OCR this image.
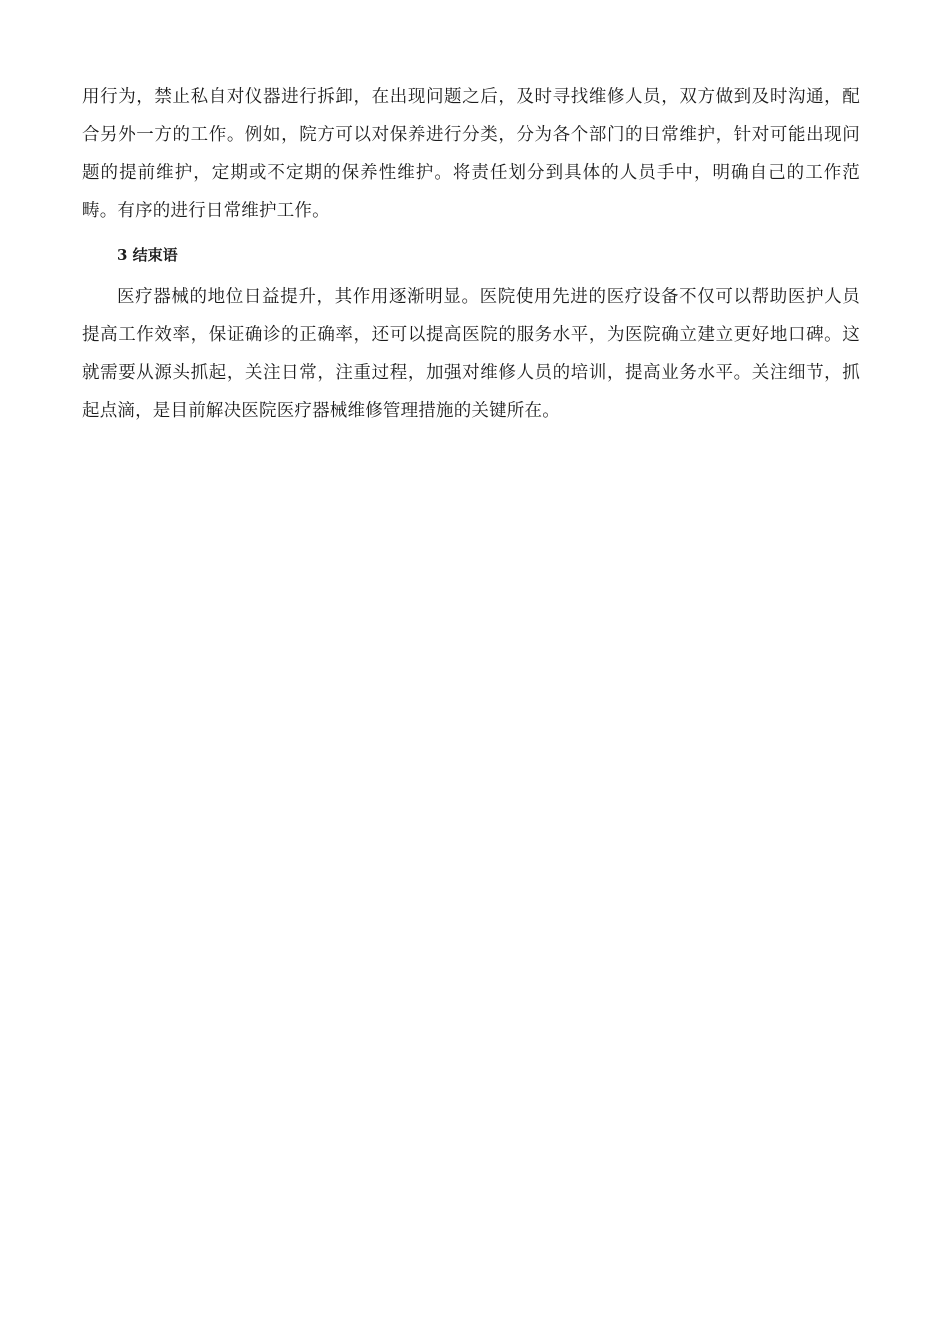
用行为，禁止私自对仪器进行拆卸，在出现问题之后，及时寻找维修人员，双方做到及时沟通，配合另外一方的工作。例如，院方可以对保养进行分类，分为各个部门的日常维护，针对可能出现问题的提前维护，定期或不定期的保养性维护。将责任划分到具体的人员手中，明确自己的工作范畴。有序的进行日常维护工作。

3 结束语

医疗器械的地位日益提升，其作用逐渐明显。医院使用先进的医疗设备不仅可以帮助医护人员提高工作效率，保证确诊的正确率，还可以提高医院的服务水平，为医院确立建立更好地口碑。这就需要从源头抓起，关注日常，注重过程，加强对维修人员的培训，提高业务水平。关注细节，抓起点滴，是目前解决医院医疗器械维修管理措施的关键所在。
